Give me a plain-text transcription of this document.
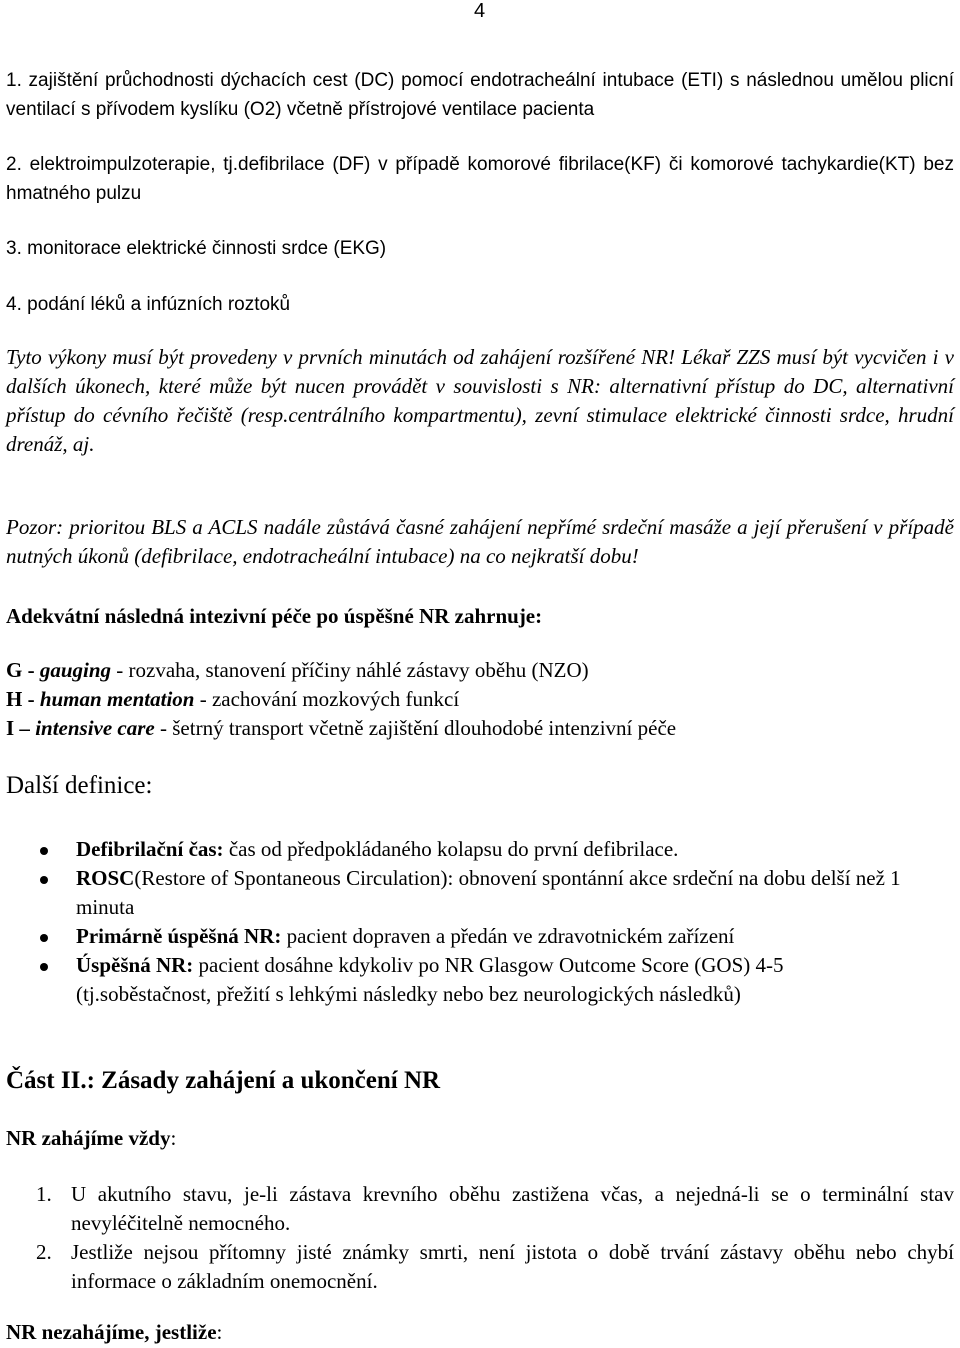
4

1. zajištění průchodnosti dýchacích cest (DC) pomocí endotracheální intubace (ETI) s následnou umělou plicní ventilací s přívodem kyslíku (O2) včetně přístrojové ventilace pacienta

2. elektroimpulzoterapie, tj.defibrilace (DF) v případě komorové fibrilace(KF) či komorové tachykardie(KT) bez hmatného pulzu

3. monitorace elektrické činnosti srdce (EKG)

4. podání léků a infúzních roztoků

Tyto výkony musí být provedeny v prvních minutách od zahájení rozšířené NR! Lékař ZZS musí být vycvičen i v dalších úkonech, které může být nucen provádět v souvislosti s NR: alternativní přístup do DC, alternativní přístup do cévního řečiště (resp.centrálního kompartmentu), zevní stimulace elektrické činnosti srdce, hrudní drenáž, aj.

Pozor: prioritou BLS a ACLS nadále zůstává časné zahájení nepřímé srdeční masáže a její přerušení v případě nutných úkonů (defibrilace, endotracheální intubace) na co nejkratší dobu!

Adekvátní následná intezivní péče po úspěšné NR zahrnuje:

G - gauging - rozvaha, stanovení příčiny náhlé zástavy oběhu (NZO)
H - human mentation - zachování mozkových funkcí
I – intensive care - šetrný transport včetně zajištění dlouhodobé intenzivní péče

Další definice:

Defibrilační čas: čas od předpokládaného kolapsu do první defibrilace.
ROSC(Restore of Spontaneous Circulation): obnovení spontánní akce srdeční na dobu delší než 1 minuta
Primárně úspěšná NR: pacient dopraven a předán ve zdravotnickém zařízení
Úspěšná NR: pacient dosáhne kdykoliv po NR Glasgow Outcome Score (GOS) 4-5 (tj.soběstačnost, přežití s lehkými následky nebo bez neurologických následků)

Část II.: Zásady zahájení a ukončení NR

NR zahájíme vždy:

1. U akutního stavu, je-li zástava krevního oběhu zastižena včas, a nejedná-li se o terminální stav nevyléčitelně nemocného.
2. Jestliže nejsou přítomny jisté známky smrti, není jistota o době trvání zástavy oběhu nebo chybí informace o základním onemocnění.

NR nezahájíme, jestliže:
